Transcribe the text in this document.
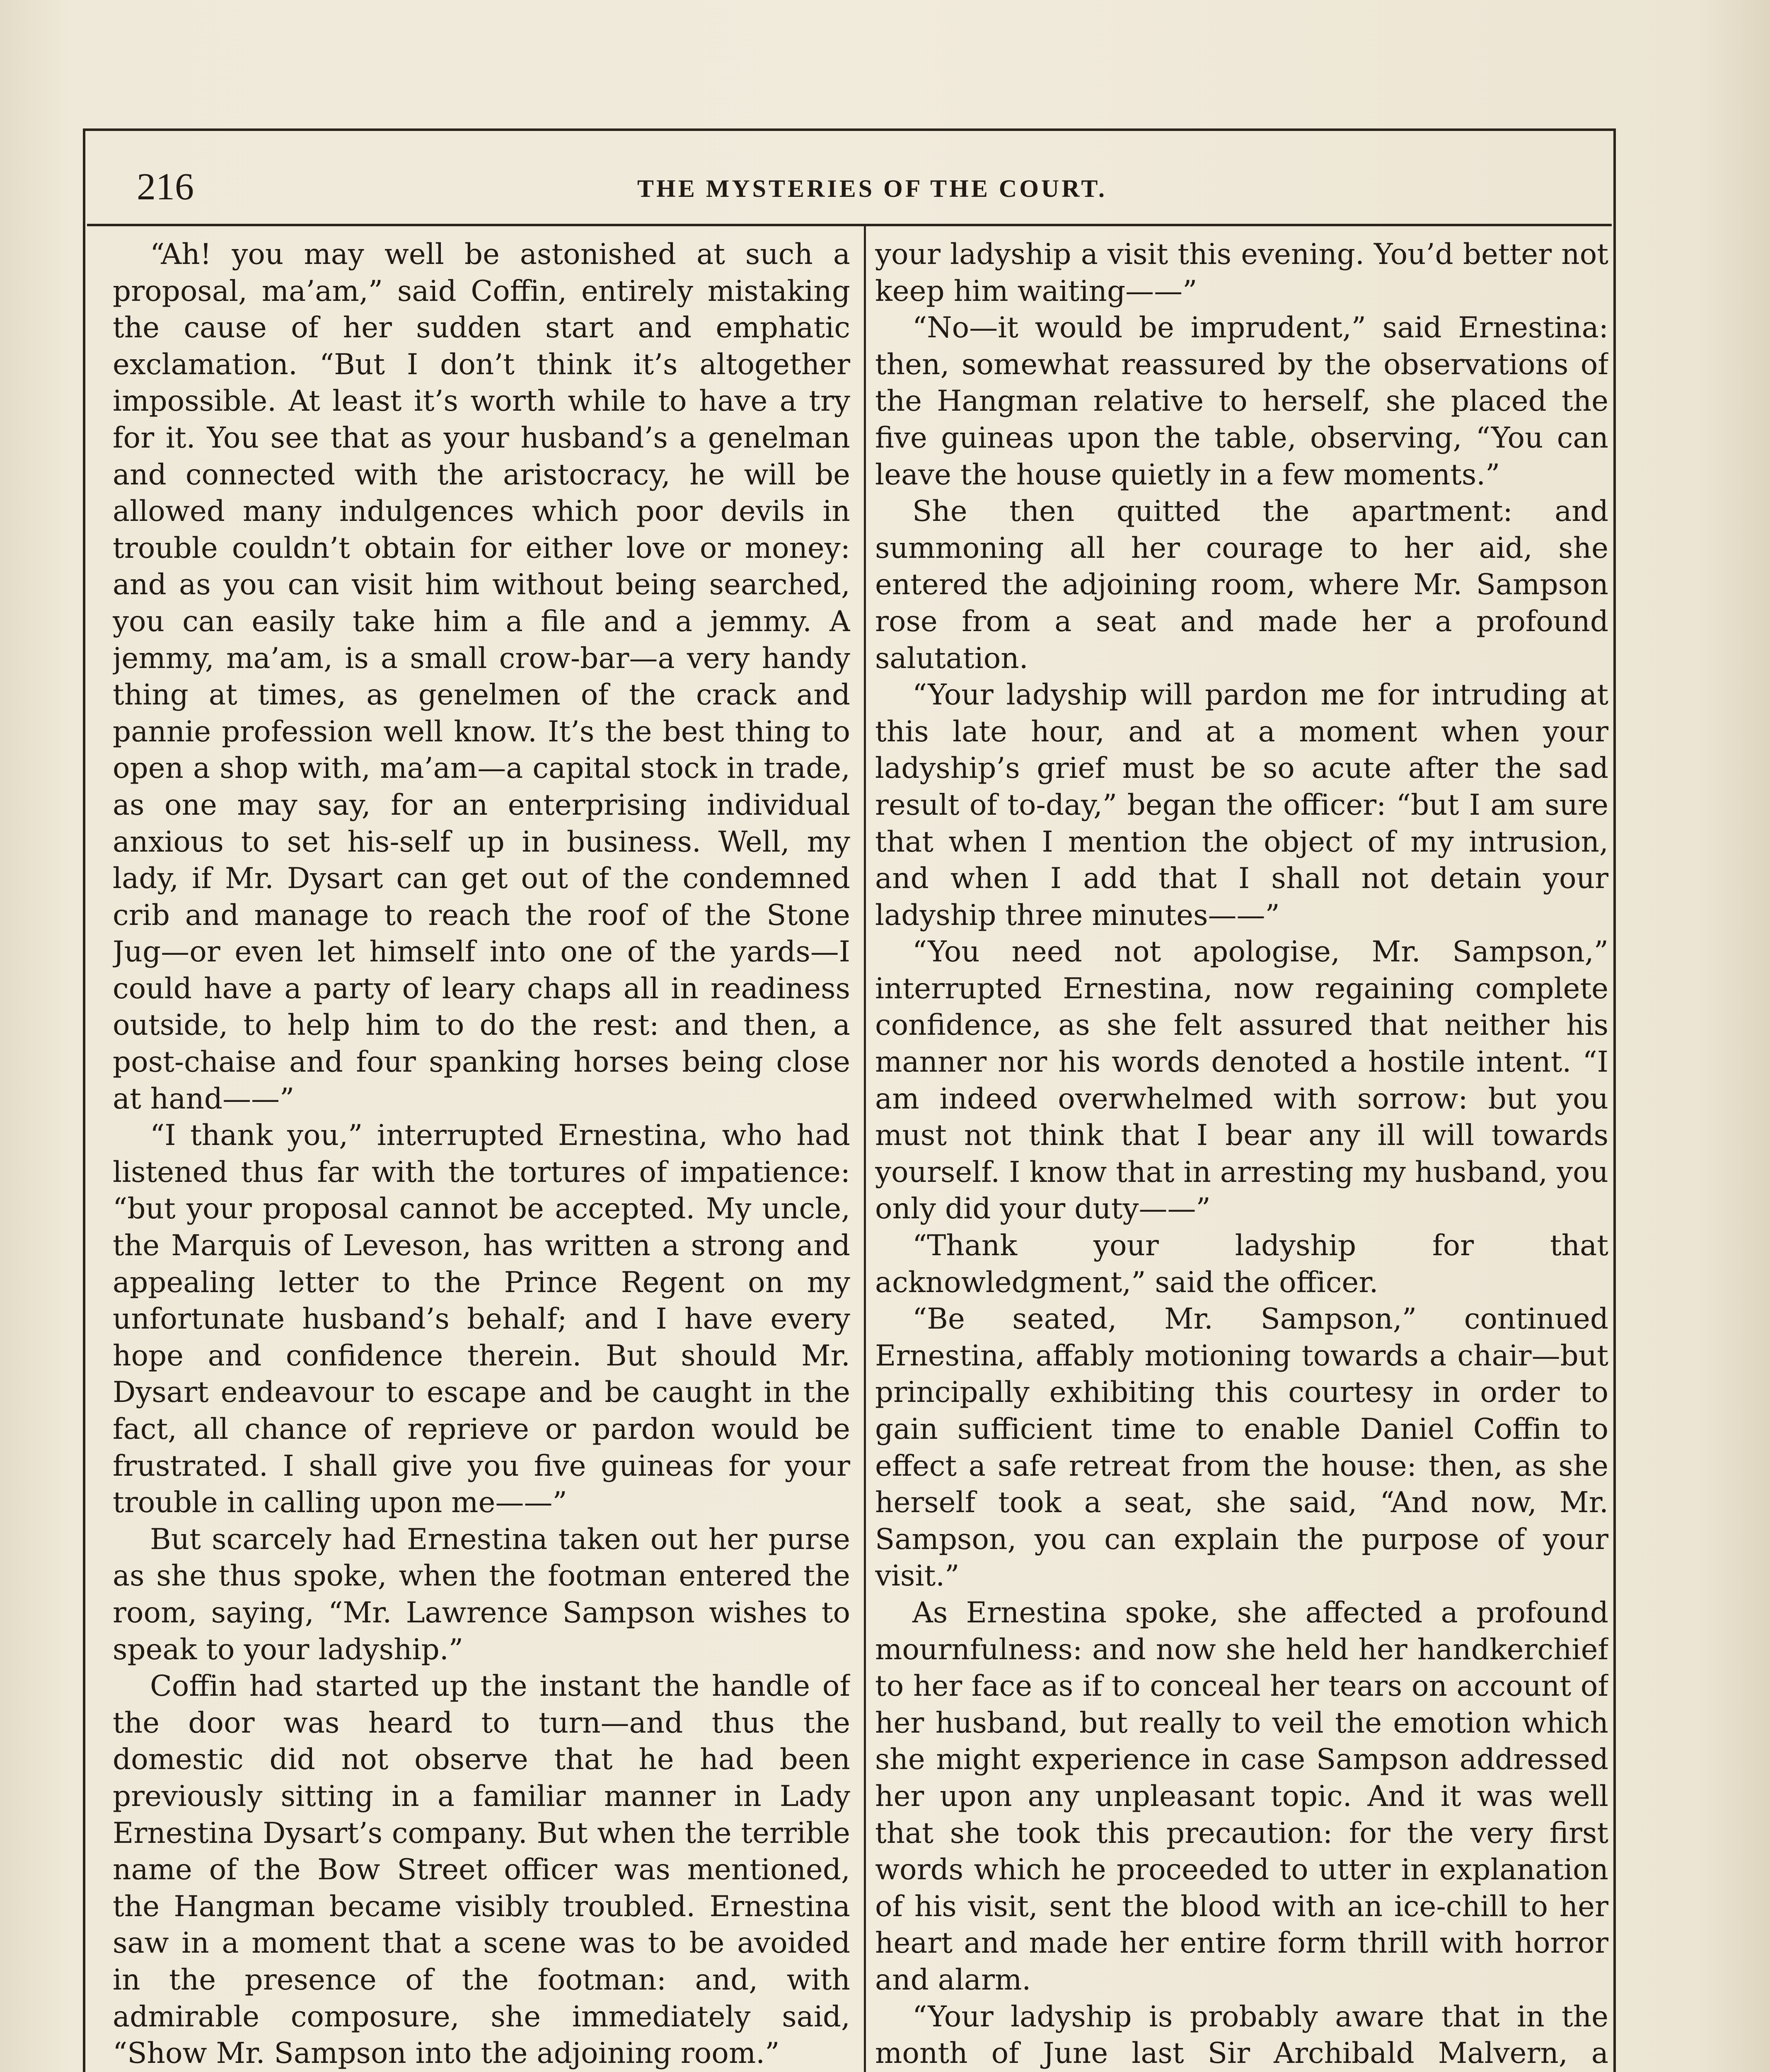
216	THE MYSTERIES OF THE COURT.

“Ah! you may well be astonished at such a proposal, ma’am,” said Coffin, entirely mistaking the cause of her sudden start and emphatic exclamation. “But I don’t think it’s altogether impossible. At least it’s worth while to have a try for it. You see that as your husband’s a genelman and connected with the aristocracy, he will be allowed many indulgences which poor devils in trouble couldn’t obtain for either love or money: and as you can visit him without being searched, you can easily take him a file and a jemmy. A jemmy, ma’am, is a small crow-bar—a very handy thing at times, as genelmen of the crack and pannie profession well know. It’s the best thing to open a shop with, ma’am—a capital stock in trade, as one may say, for an enterprising individual anxious to set his-self up in business. Well, my lady, if Mr. Dysart can get out of the condemned crib and manage to reach the roof of the Stone Jug—or even let himself into one of the yards—I could have a party of leary chaps all in readiness outside, to help him to do the rest: and then, a post-chaise and four spanking horses being close at hand——”

“I thank you,” interrupted Ernestina, who had listened thus far with the tortures of impatience: “but your proposal cannot be accepted. My uncle, the Marquis of Leveson, has written a strong and appealing letter to the Prince Regent on my unfortunate husband’s behalf; and I have every hope and confidence therein. But should Mr. Dysart endeavour to escape and be caught in the fact, all chance of reprieve or pardon would be frustrated. I shall give you five guineas for your trouble in calling upon me——”

But scarcely had Ernestina taken out her purse as she thus spoke, when the footman entered the room, saying, “Mr. Lawrence Sampson wishes to speak to your ladyship.”

Coffin had started up the instant the handle of the door was heard to turn—and thus the domestic did not observe that he had been previously sitting in a familiar manner in Lady Ernestina Dysart’s company. But when the terrible name of the Bow Street officer was mentioned, the Hangman became visibly troubled. Ernestina saw in a moment that a scene was to be avoided in the presence of the footman: and, with admirable composure, she immediately said, “Show Mr. Sampson into the adjoining room.”

your ladyship a visit this evening. You’d better not keep him waiting——”

“No—it would be imprudent,” said Ernestina: then, somewhat reassured by the observations of the Hangman relative to herself, she placed the five guineas upon the table, observing, “You can leave the house quietly in a few moments.”

She then quitted the apartment: and summoning all her courage to her aid, she entered the adjoining room, where Mr. Sampson rose from a seat and made her a profound salutation.

“Your ladyship will pardon me for intruding at this late hour, and at a moment when your ladyship’s grief must be so acute after the sad result of to-day,” began the officer: “but I am sure that when I mention the object of my intrusion, and when I add that I shall not detain your ladyship three minutes——”

“You need not apologise, Mr. Sampson,” interrupted Ernestina, now regaining complete confidence, as she felt assured that neither his manner nor his words denoted a hostile intent. “I am indeed overwhelmed with sorrow: but you must not think that I bear any ill will towards yourself. I know that in arresting my husband, you only did your duty——”

“Thank your ladyship for that acknowledgment,” said the officer.

“Be seated, Mr. Sampson,” continued Ernestina, affably motioning towards a chair—but principally exhibiting this courtesy in order to gain sufficient time to enable Daniel Coffin to effect a safe retreat from the house: then, as she herself took a seat, she said, “And now, Mr. Sampson, you can explain the purpose of your visit.”

As Ernestina spoke, she affected a profound mournfulness: and now she held her handkerchief to her face as if to conceal her tears on account of her husband, but really to veil the emotion which she might experience in case Sampson addressed her upon any unpleasant topic. And it was well that she took this precaution: for the very first words which he proceeded to utter in explanation of his visit, sent the blood with an ice-chill to her heart and made her entire form thrill with horror and alarm.

“Your ladyship is probably aware that in the month of June last Sir Archibald Malvern, a
